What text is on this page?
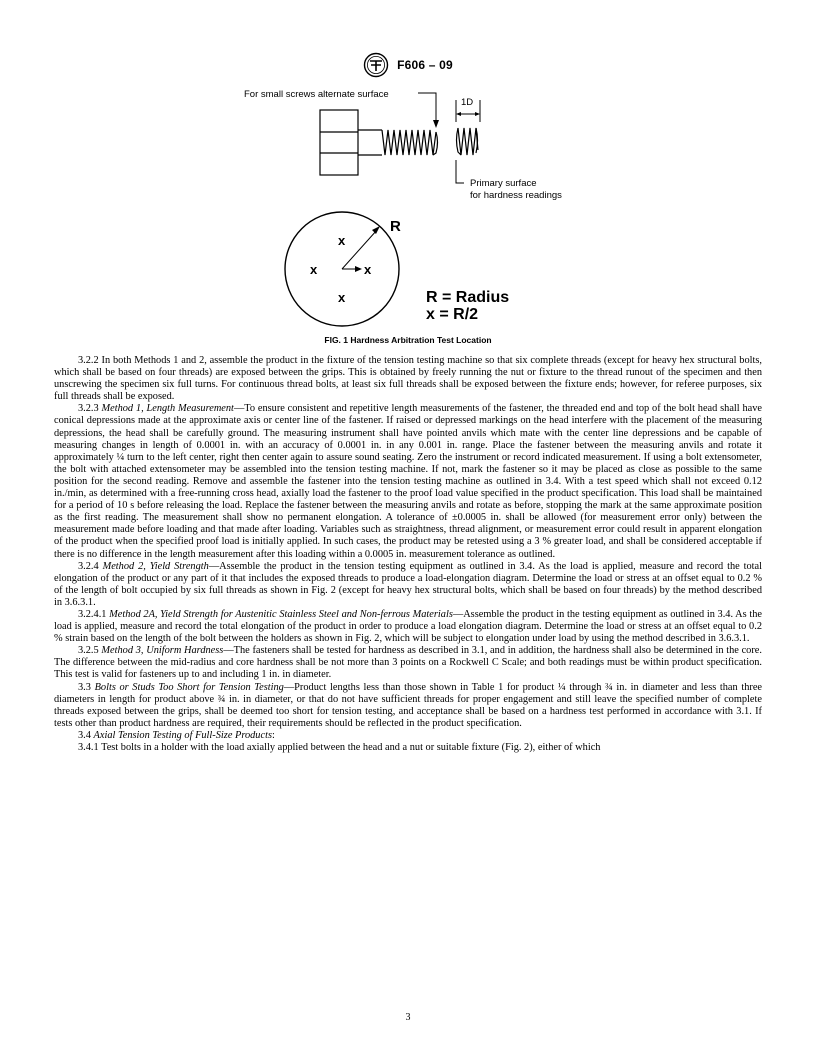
F606 – 09
For small screws alternate surface
1D
Primary surface
for hardness readings
R
x
x	x
x	R = Radius
x = R/2
FIG. 1 Hardness Arbitration Test Location

3.2.2 In both Methods 1 and 2, assemble the product in the fixture of the tension testing machine so that six complete threads (except for heavy hex structural bolts, which shall be based on four threads) are exposed between the grips. This is obtained by freely running the nut or fixture to the thread runout of the specimen and then unscrewing the specimen six full turns. For continuous thread bolts, at least six full threads shall be exposed between the fixture ends; however, for referee purposes, six full threads shall be exposed.

3.2.3 Method 1, Length Measurement—To ensure consistent and repetitive length measurements of the fastener, the threaded end and top of the bolt head shall have conical depressions made at the approximate axis or center line of the fastener. If raised or depressed markings on the head interfere with the placement of the measuring depressions, the head shall be carefully ground. The measuring instrument shall have pointed anvils which mate with the center line depressions and be capable of measuring changes in length of 0.0001 in. with an accuracy of 0.0001 in. in any 0.001 in. range. Place the fastener between the measuring anvils and rotate it approximately ¼ turn to the left center, right then center again to assure sound seating. Zero the instrument or record indicated measurement. If using a bolt extensometer, the bolt with attached extensometer may be assembled into the tension testing machine. If not, mark the fastener so it may be placed as close as possible to the same position for the second reading. Remove and assemble the fastener into the tension testing machine as outlined in 3.4. With a test speed which shall not exceed 0.12 in./min, as determined with a free-running cross head, axially load the fastener to the proof load value specified in the product specification. This load shall be maintained for a period of 10 s before releasing the load. Replace the fastener between the measuring anvils and rotate as before, stopping the mark at the same approximate position as the first reading. The measurement shall show no permanent elongation. A tolerance of ±0.0005 in. shall be allowed (for measurement error only) between the measurement made before loading and that made after loading. Variables such as straightness, thread alignment, or measurement error could result in apparent elongation of the product when the specified proof load is initially applied. In such cases, the product may be retested using a 3 % greater load, and shall be considered acceptable if there is no difference in the length measurement after this loading within a 0.0005 in. measurement tolerance as outlined.

3.2.4 Method 2, Yield Strength—Assemble the product in the tension testing equipment as outlined in 3.4. As the load is applied, measure and record the total elongation of the product or any part of it that includes the exposed threads to produce a load-elongation diagram. Determine the load or stress at an offset equal to 0.2 % of the length of bolt occupied by six full threads as shown in Fig. 2 (except for heavy hex structural bolts, which shall be based on four threads) by the method described in 3.6.3.1.

3.2.4.1 Method 2A, Yield Strength for Austenitic Stainless Steel and Non-ferrous Materials—Assemble the product in the testing equipment as outlined in 3.4. As the load is applied, measure and record the total elongation of the product in order to produce a load elongation diagram. Determine the load or stress at an offset equal to 0.2 % strain based on the length of the bolt between the holders as shown in Fig. 2, which will be subject to elongation under load by using the method described in 3.6.3.1.

3.2.5 Method 3, Uniform Hardness—The fasteners shall be tested for hardness as described in 3.1, and in addition, the hardness shall also be determined in the core. The difference between the mid-radius and core hardness shall be not more than 3 points on a Rockwell C Scale; and both readings must be within product specification. This test is valid for fasteners up to and including 1 in. in diameter.

3.3 Bolts or Studs Too Short for Tension Testing—Product lengths less than those shown in Table 1 for product ¼ through ¾ in. in diameter and less than three diameters in length for product above ¾ in. in diameter, or that do not have sufficient threads for proper engagement and still leave the specified number of complete threads exposed between the grips, shall be deemed too short for tension testing, and acceptance shall be based on a hardness test performed in accordance with 3.1. If tests other than product hardness are required, their requirements should be reflected in the product specification.

3.4 Axial Tension Testing of Full-Size Products:

3.4.1 Test bolts in a holder with the load axially applied between the head and a nut or suitable fixture (Fig. 2), either of which

3
